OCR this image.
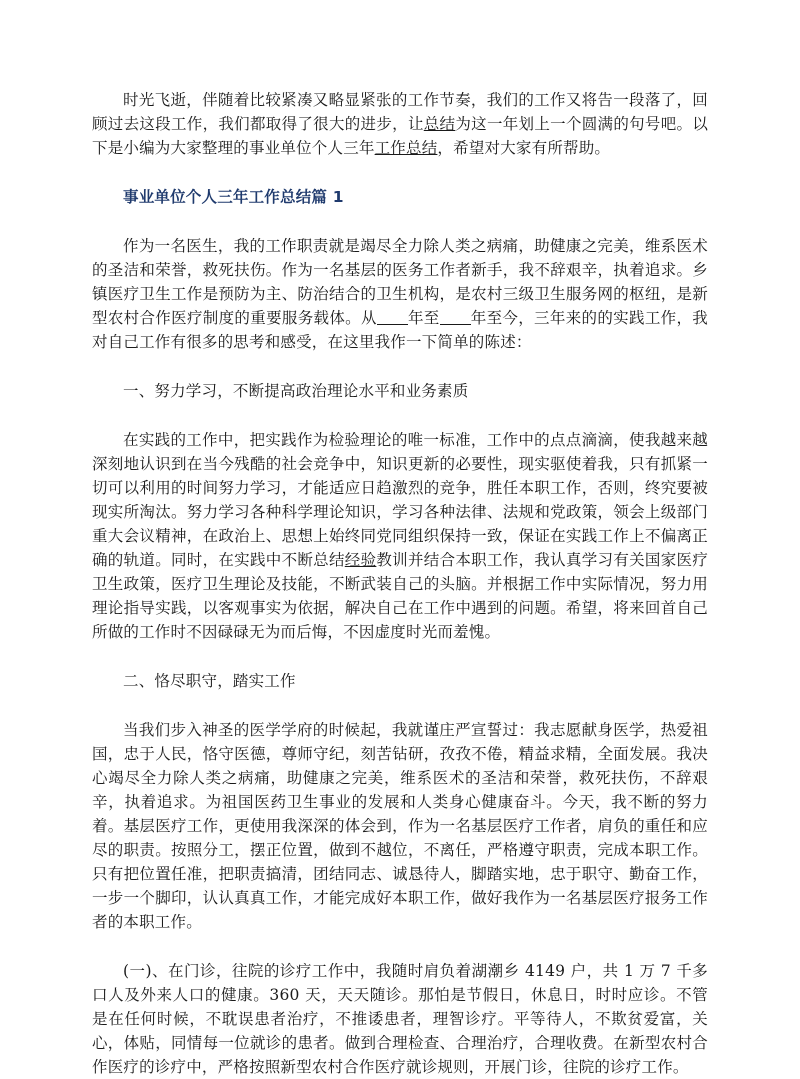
时光飞逝，伴随着比较紧凑又略显紧张的工作节奏，我们的工作又将告一段落了，回顾过去这段工作，我们都取得了很大的进步，让总结为这一年划上一个圆满的句号吧。以下是小编为大家整理的事业单位个人三年工作总结，希望对大家有所帮助。

事业单位个人三年工作总结篇 1

作为一名医生，我的工作职责就是竭尽全力除人类之病痛，助健康之完美，维系医术的圣洁和荣誉，救死扶伤。作为一名基层的医务工作者新手，我不辞艰辛，执着追求。乡镇医疗卫生工作是预防为主、防治结合的卫生机构，是农村三级卫生服务网的枢纽，是新型农村合作医疗制度的重要服务载体。从 年至 年至今，三年来的的实践工作，我对自己工作有很多的思考和感受，在这里我作一下简单的陈述：

一、努力学习，不断提高政治理论水平和业务素质

在实践的工作中，把实践作为检验理论的唯一标准，工作中的点点滴滴，使我越来越深刻地认识到在当今残酷的社会竞争中，知识更新的必要性，现实驱使着我，只有抓紧一切可以利用的时间努力学习，才能适应日趋激烈的竞争，胜任本职工作，否则，终究要被现实所淘汰。努力学习各种科学理论知识，学习各种法律、法规和党政策，领会上级部门重大会议精神，在政治上、思想上始终同党同组织保持一致，保证在实践工作上不偏离正确的轨道。同时，在实践中不断总结经验教训并结合本职工作，我认真学习有关国家医疗卫生政策，医疗卫生理论及技能，不断武装自己的头脑。并根据工作中实际情况，努力用理论指导实践，以客观事实为依据，解决自己在工作中遇到的问题。希望，将来回首自己所做的工作时不因碌碌无为而后悔，不因虚度时光而羞愧。

二、恪尽职守，踏实工作

当我们步入神圣的医学学府的时候起，我就谨庄严宣誓过：我志愿献身医学，热爱祖国，忠于人民，恪守医德，尊师守纪，刻苦钻研，孜孜不倦，精益求精，全面发展。我决心竭尽全力除人类之病痛，助健康之完美，维系医术的圣洁和荣誉，救死扶伤，不辞艰辛，执着追求。为祖国医药卫生事业的发展和人类身心健康奋斗。今天，我不断的努力着。基层医疗工作，更使用我深深的体会到，作为一名基层医疗工作者，肩负的重任和应尽的职责。按照分工，摆正位置，做到不越位，不离任，严格遵守职责，完成本职工作。只有把位置任准，把职责搞清，团结同志、诚恳待人，脚踏实地，忠于职守、勤奋工作，一步一个脚印，认认真真工作，才能完成好本职工作，做好我作为一名基层医疗报务工作者的本职工作。

(一)、在门诊，往院的诊疗工作中，我随时肩负着湖潮乡 4149 户，共 1 万 7 千多口人及外来人口的健康。360 天，天天随诊。那怕是节假日，休息日，时时应诊。不管是在任何时候，不耽误患者治疗，不推诿患者，理智诊疗。平等待人，不欺贫爱富，关心，体贴，同情每一位就诊的患者。做到合理检查、合理治疗，合理收费。在新型农村合作医疗的诊疗中，严格按照新型农村合作医疗就诊规则，开展门诊，往院的诊疗工作。
